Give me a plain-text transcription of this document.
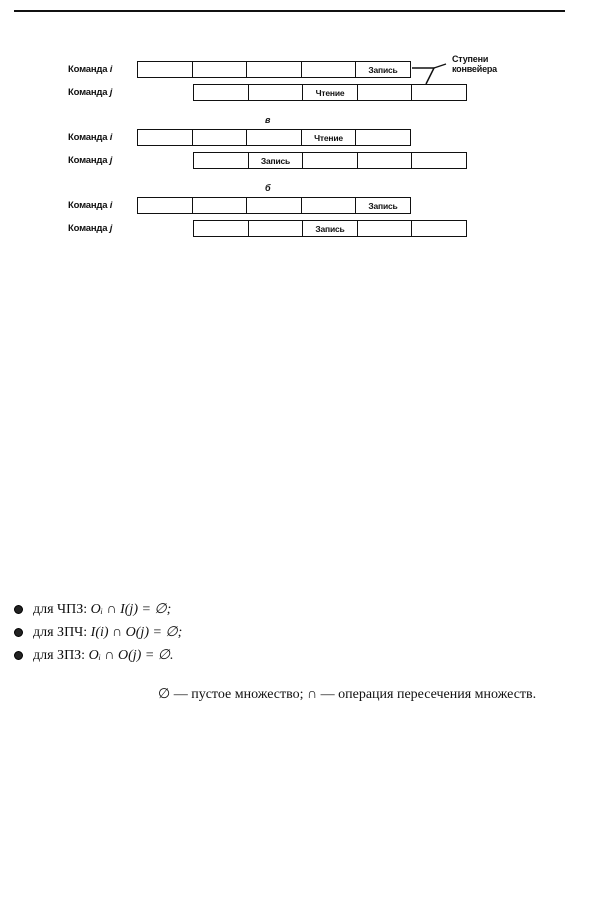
Команда i	Запись
Команда j	Чтение
в
Команда i	Чтение
Команда j	Запись
б
Команда i	Запись
Команда j	Запись
Ступени
конвейера
для ЧПЗ:
Oᵢ ∩ I(j) = ∅;
для ЗПЧ:
I(i) ∩ O(j) = ∅;
для ЗПЗ:
Oᵢ ∩ O(j) = ∅.
∅ — пустое множество; ∩ — операция пересечения множеств.
